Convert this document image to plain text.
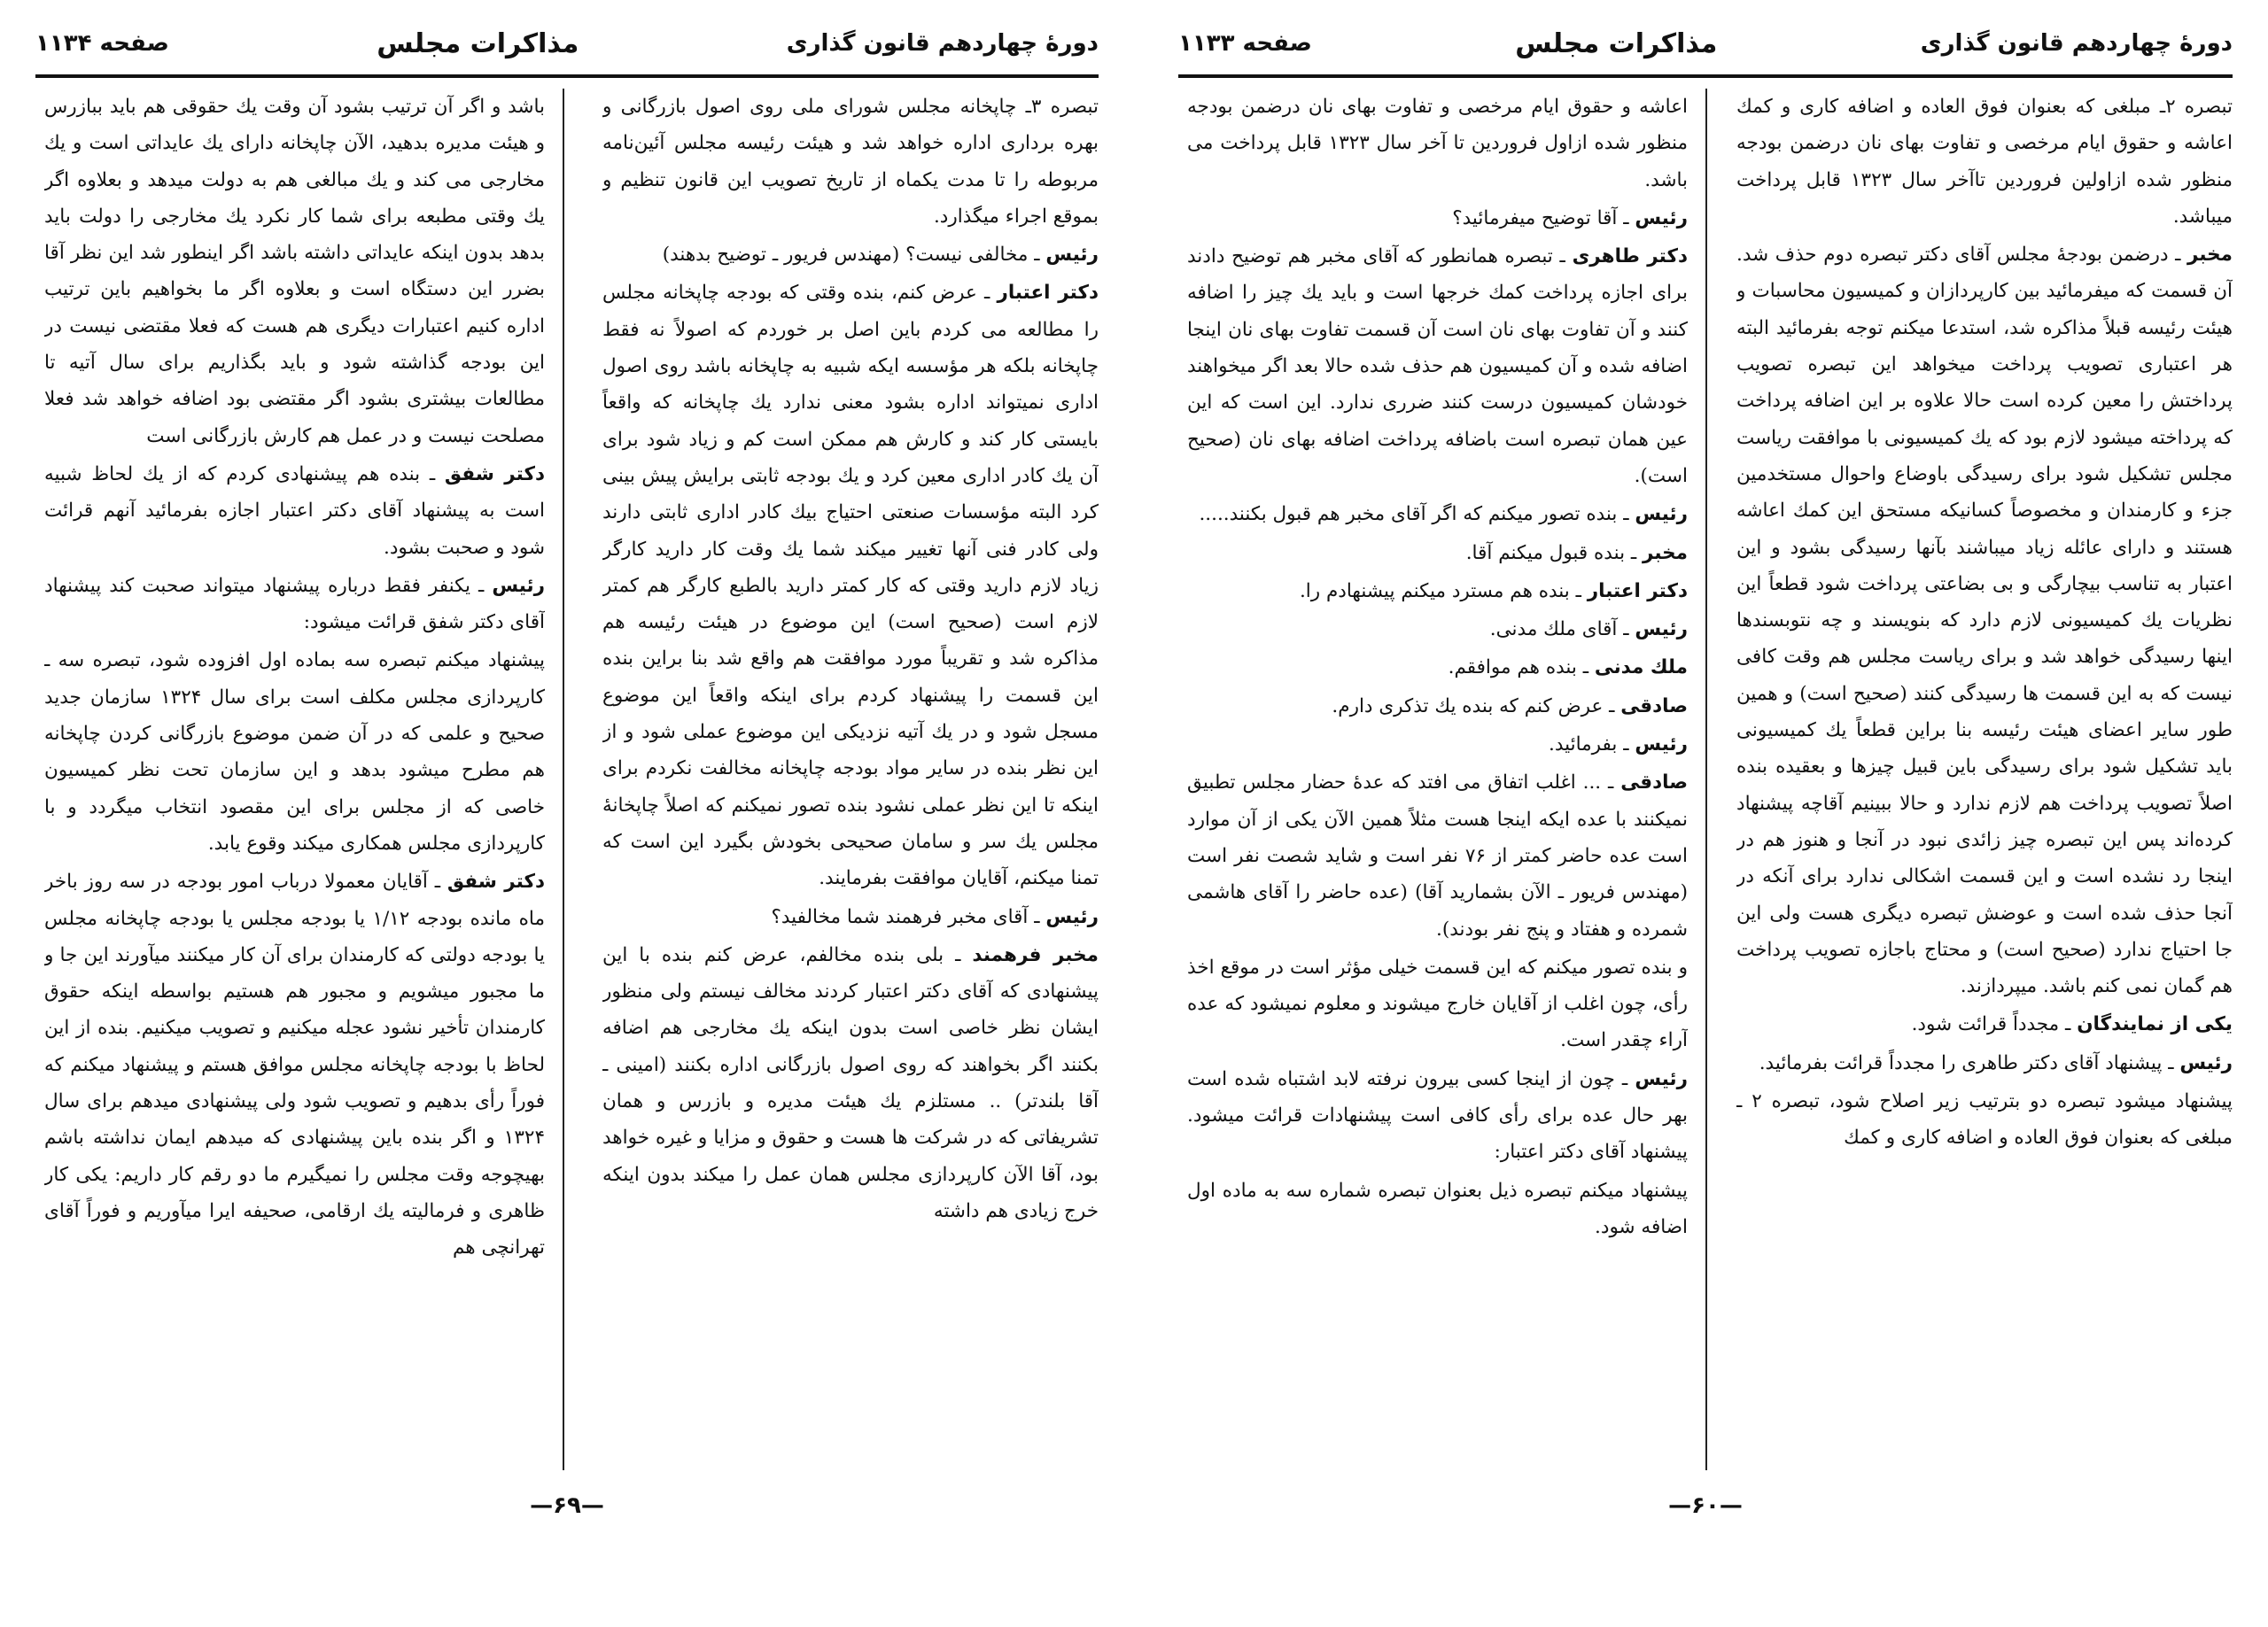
دورهٔ چهاردهم قانون گذاری
مذاکرات مجلس
صفحه ۱۱۳۴

تبصره ۳ـ چاپخانه مجلس شورای ملی روی اصول بازرگانی و بهره برداری اداره خواهد شد و هیئت رئیسه مجلس آئین‌نامه مربوطه را تا مدت یکماه از تاریخ تصویب این قانون تنظیم و بموقع اجراء میگذارد.

رئیس ـ مخالفی نیست؟ (مهندس فریور ـ توضیح بدهند)

دکتر اعتبار ـ عرض کنم، بنده وقتی که بودجه چاپخانه مجلس را مطالعه می کردم باین اصل بر خوردم که اصولاً نه فقط چاپخانه بلکه هر مؤسسه ایکه شبیه به چاپخانه باشد روی اصول اداری نمیتواند اداره بشود معنی ندارد یك چاپخانه که واقعاً بایستی کار کند و کارش هم ممکن است کم و زیاد شود برای آن یك کادر اداری معین کرد و یك بودجه ثابتی برایش پیش بینی کرد البته مؤسسات صنعتی احتیاج بیك کادر اداری ثابتی دارند ولی کادر فنی آنها تغییر میکند شما یك وقت کار دارید کارگر زیاد لازم دارید وقتی که کار کمتر دارید بالطبع کارگر هم کمتر لازم است (صحیح است) این موضوع در هیئت رئیسه هم مذاکره شد و تقریباً مورد موافقت هم واقع شد بنا براین بنده این قسمت را پیشنهاد کردم برای اینکه واقعاً این موضوع مسجل شود و در یك آتیه نزدیکی این موضوع عملی شود و از این نظر بنده در سایر مواد بودجه چاپخانه مخالفت نکردم برای اینکه تا این نظر عملی نشود بنده تصور نمیکنم که اصلاً چاپخانهٔ مجلس یك سر و سامان صحیحی بخودش بگیرد این است که تمنا میکنم، آقایان موافقت بفرمایند.

رئیس ـ آقای مخبر فرهمند شما مخالفید؟

مخبر فرهمند ـ بلی بنده مخالفم، عرض کنم بنده با این پیشنهادی که آقای دکتر اعتبار کردند مخالف نیستم ولی منظور ایشان نظر خاصی است بدون اینکه یك مخارجی هم اضافه بکنند اگر بخواهند که روی اصول بازرگانی اداره بکنند (امینی ـ آقا بلندتر) .. مستلزم یك هیئت مدیره و بازرس و همان تشریفاتی که در شرکت ها هست و حقوق و مزایا و غیره خواهد بود، آقا الآن کارپردازی مجلس همان عمل را میکند بدون اینکه خرج زیادی هم داشته

باشد و اگر آن ترتیب بشود آن وقت یك حقوقی هم باید ببازرس و هیئت مدیره بدهید، الآن چاپخانه دارای یك عایداتی است و یك مخارجی می کند و یك مبالغی هم به دولت میدهد و بعلاوه اگر یك وقتی مطبعه برای شما کار نکرد یك مخارجی را دولت باید بدهد بدون اینکه عایداتی داشته باشد اگر اینطور شد این نظر آقا بضرر این دستگاه است و بعلاوه اگر ما بخواهیم باین ترتیب اداره کنیم اعتبارات دیگری هم هست که فعلا مقتضی نیست در این بودجه گذاشته شود و باید بگذاریم برای سال آتیه تا مطالعات بیشتری بشود اگر مقتضی بود اضافه خواهد شد فعلا مصلحت نیست و در عمل هم کارش بازرگانی است

دکتر شفق ـ بنده هم پیشنهادی کردم که از یك لحاظ شبیه است به پیشنهاد آقای دکتر اعتبار اجازه بفرمائید آنهم قرائت شود و صحبت بشود.

رئیس ـ یکنفر فقط درباره پیشنهاد میتواند صحبت کند پیشنهاد آقای دکتر شفق قرائت میشود:

پیشنهاد میکنم تبصره سه بماده اول افزوده شود، تبصره سه ـ کارپردازی مجلس مکلف است برای سال ۱۳۲۴ سازمان جدید صحیح و علمی که در آن ضمن موضوع بازرگانی کردن چاپخانه هم مطرح میشود بدهد و این سازمان تحت نظر کمیسیون خاصی که از مجلس برای این مقصود انتخاب میگردد و با کارپردازی مجلس همکاری میکند وقوع یابد.

دکتر شفق ـ آقایان معمولا درباب امور بودجه در سه روز باخر ماه مانده بودجه ۱/۱۲ یا بودجه مجلس یا بودجه چاپخانه مجلس یا بودجه دولتی که کارمندان برای آن کار میکنند میآورند این جا و ما مجبور میشویم و مجبور هم هستیم بواسطه اینکه حقوق کارمندان تأخیر نشود عجله میکنیم و تصویب میکنیم. بنده از این لحاظ با بودجه چاپخانه مجلس موافق هستم و پیشنهاد میکنم که فوراً رأی بدهیم و تصویب شود ولی پیشنهادی میدهم برای سال ۱۳۲۴ و اگر بنده باین پیشنهادی که میدهم ایمان نداشته باشم بهیچوجه وقت مجلس را نمیگیرم ما دو رقم کار داریم: یکی کار ظاهری و فرمالیته یك ارقامی، صحیفه ایرا میآوریم و فوراً آقای تهرانچی هم

—۶۹—
دورهٔ چهاردهم قانون گذاری
مذاکرات مجلس
صفحه ۱۱۳۳

تبصره ۲ـ مبلغی که بعنوان فوق العاده و اضافه کاری و کمك اعاشه و حقوق ایام مرخصی و تفاوت بهای نان درضمن بودجه منظور شده ازاولین فروردین تاآخر سال ۱۳۲۳ قابل پرداخت میباشد.

مخبر ـ درضمن بودجهٔ مجلس آقای دکتر تبصره دوم حذف شد. آن قسمت که میفرمائید بین کارپردازان و کمیسیون محاسبات و هیئت رئیسه قبلاً مذاکره شد، استدعا میکنم توجه بفرمائید البته هر اعتباری تصویب پرداخت میخواهد این تبصره تصویب پرداختش را معین کرده است حالا علاوه بر این اضافه پرداخت که پرداخته میشود لازم بود که یك کمیسیونی با موافقت ریاست مجلس تشکیل شود برای رسیدگی باوضاع واحوال مستخدمین جزء و کارمندان و مخصوصاً کسانیکه مستحق این کمك اعاشه هستند و دارای عائله زیاد میباشند بآنها رسیدگی بشود و این اعتبار به تناسب بیچارگی و بی بضاعتی پرداخت شود قطعاً این نظریات یك کمیسیونی لازم دارد که بنویسند و چه نتوبسندها اینها رسیدگی خواهد شد و برای ریاست مجلس هم وقت کافی نیست که به این قسمت ها رسیدگی کنند (صحیح است) و همین طور سایر اعضای هیئت رئیسه بنا براین قطعاً یك کمیسیونی باید تشکیل شود برای رسیدگی باین قبیل چیزها و بعقیده بنده اصلاً تصویب پرداخت هم لازم ندارد و حالا ببینیم آقاچه پیشنهاد کرده‌اند پس این تبصره چیز زائدی نبود در آنجا و هنوز هم در اینجا رد نشده است و این قسمت اشکالی ندارد برای آنکه در آنجا حذف شده است و عوضش تبصره دیگری هست ولی این جا احتیاج ندارد (صحیح است) و محتاج باجازه تصویب پرداخت هم گمان نمی کنم باشد. میپردازند.

یکی از نمایندگان ـ مجدداً قرائت شود.

رئیس ـ پیشنهاد آقای دکتر طاهری را مجدداً قرائت بفرمائید.

پیشنهاد میشود تبصره دو بترتیب زیر اصلاح شود، تبصره ۲ ـ مبلغی که بعنوان فوق العاده و اضافه کاری و کمك

اعاشه و حقوق ایام مرخصی و تفاوت بهای نان درضمن بودجه منظور شده ازاول فروردین تا آخر سال ۱۳۲۳ قابل پرداخت می باشد.

رئیس ـ آقا توضیح میفرمائید؟

دکتر طاهری ـ تبصره همانطور که آقای مخبر هم توضیح دادند برای اجازه پرداخت کمك خرجها است و باید یك چیز را اضافه کنند و آن تفاوت بهای نان است آن قسمت تفاوت بهای نان اینجا اضافه شده و آن کمیسیون هم حذف شده حالا بعد اگر میخواهند خودشان کمیسیون درست کنند ضرری ندارد. این است که این عین همان تبصره است باضافه پرداخت اضافه بهای نان (صحیح است).

رئیس ـ بنده تصور میکنم که اگر آقای مخبر هم قبول بکنند.....

مخبر ـ بنده قبول میکنم آقا.

دکتر اعتبار ـ بنده هم مسترد میکنم پیشنهادم را.

رئیس ـ آقای ملك مدنی.

ملك مدنی ـ بنده هم موافقم.

صادقی ـ عرض کنم که بنده یك تذکری دارم.

رئیس ـ بفرمائید.

صادقی ـ ... اغلب اتفاق می افتد که عدهٔ حضار مجلس تطبیق نمیکنند با عده ایکه اینجا هست مثلاً همین الآن یکی از آن موارد است عده حاضر کمتر از ۷۶ نفر است و شاید شصت نفر است (مهندس فریور ـ الآن بشمارید آقا) (عده حاضر را آقای هاشمی شمرده و هفتاد و پنج نفر بودند).

و بنده تصور میکنم که این قسمت خیلی مؤثر است در موقع اخذ رأی، چون اغلب از آقایان خارج میشوند و معلوم نمیشود که عده آراء چقدر است.

رئیس ـ چون از اینجا کسی بیرون نرفته لابد اشتباه شده است بهر حال عده برای رأی کافی است پیشنهادات قرائت میشود. پیشنهاد آقای دکتر اعتبار:

پیشنهاد میکنم تبصره ذیل بعنوان تبصره شماره سه به ماده اول اضافه شود.

—۶۰—
